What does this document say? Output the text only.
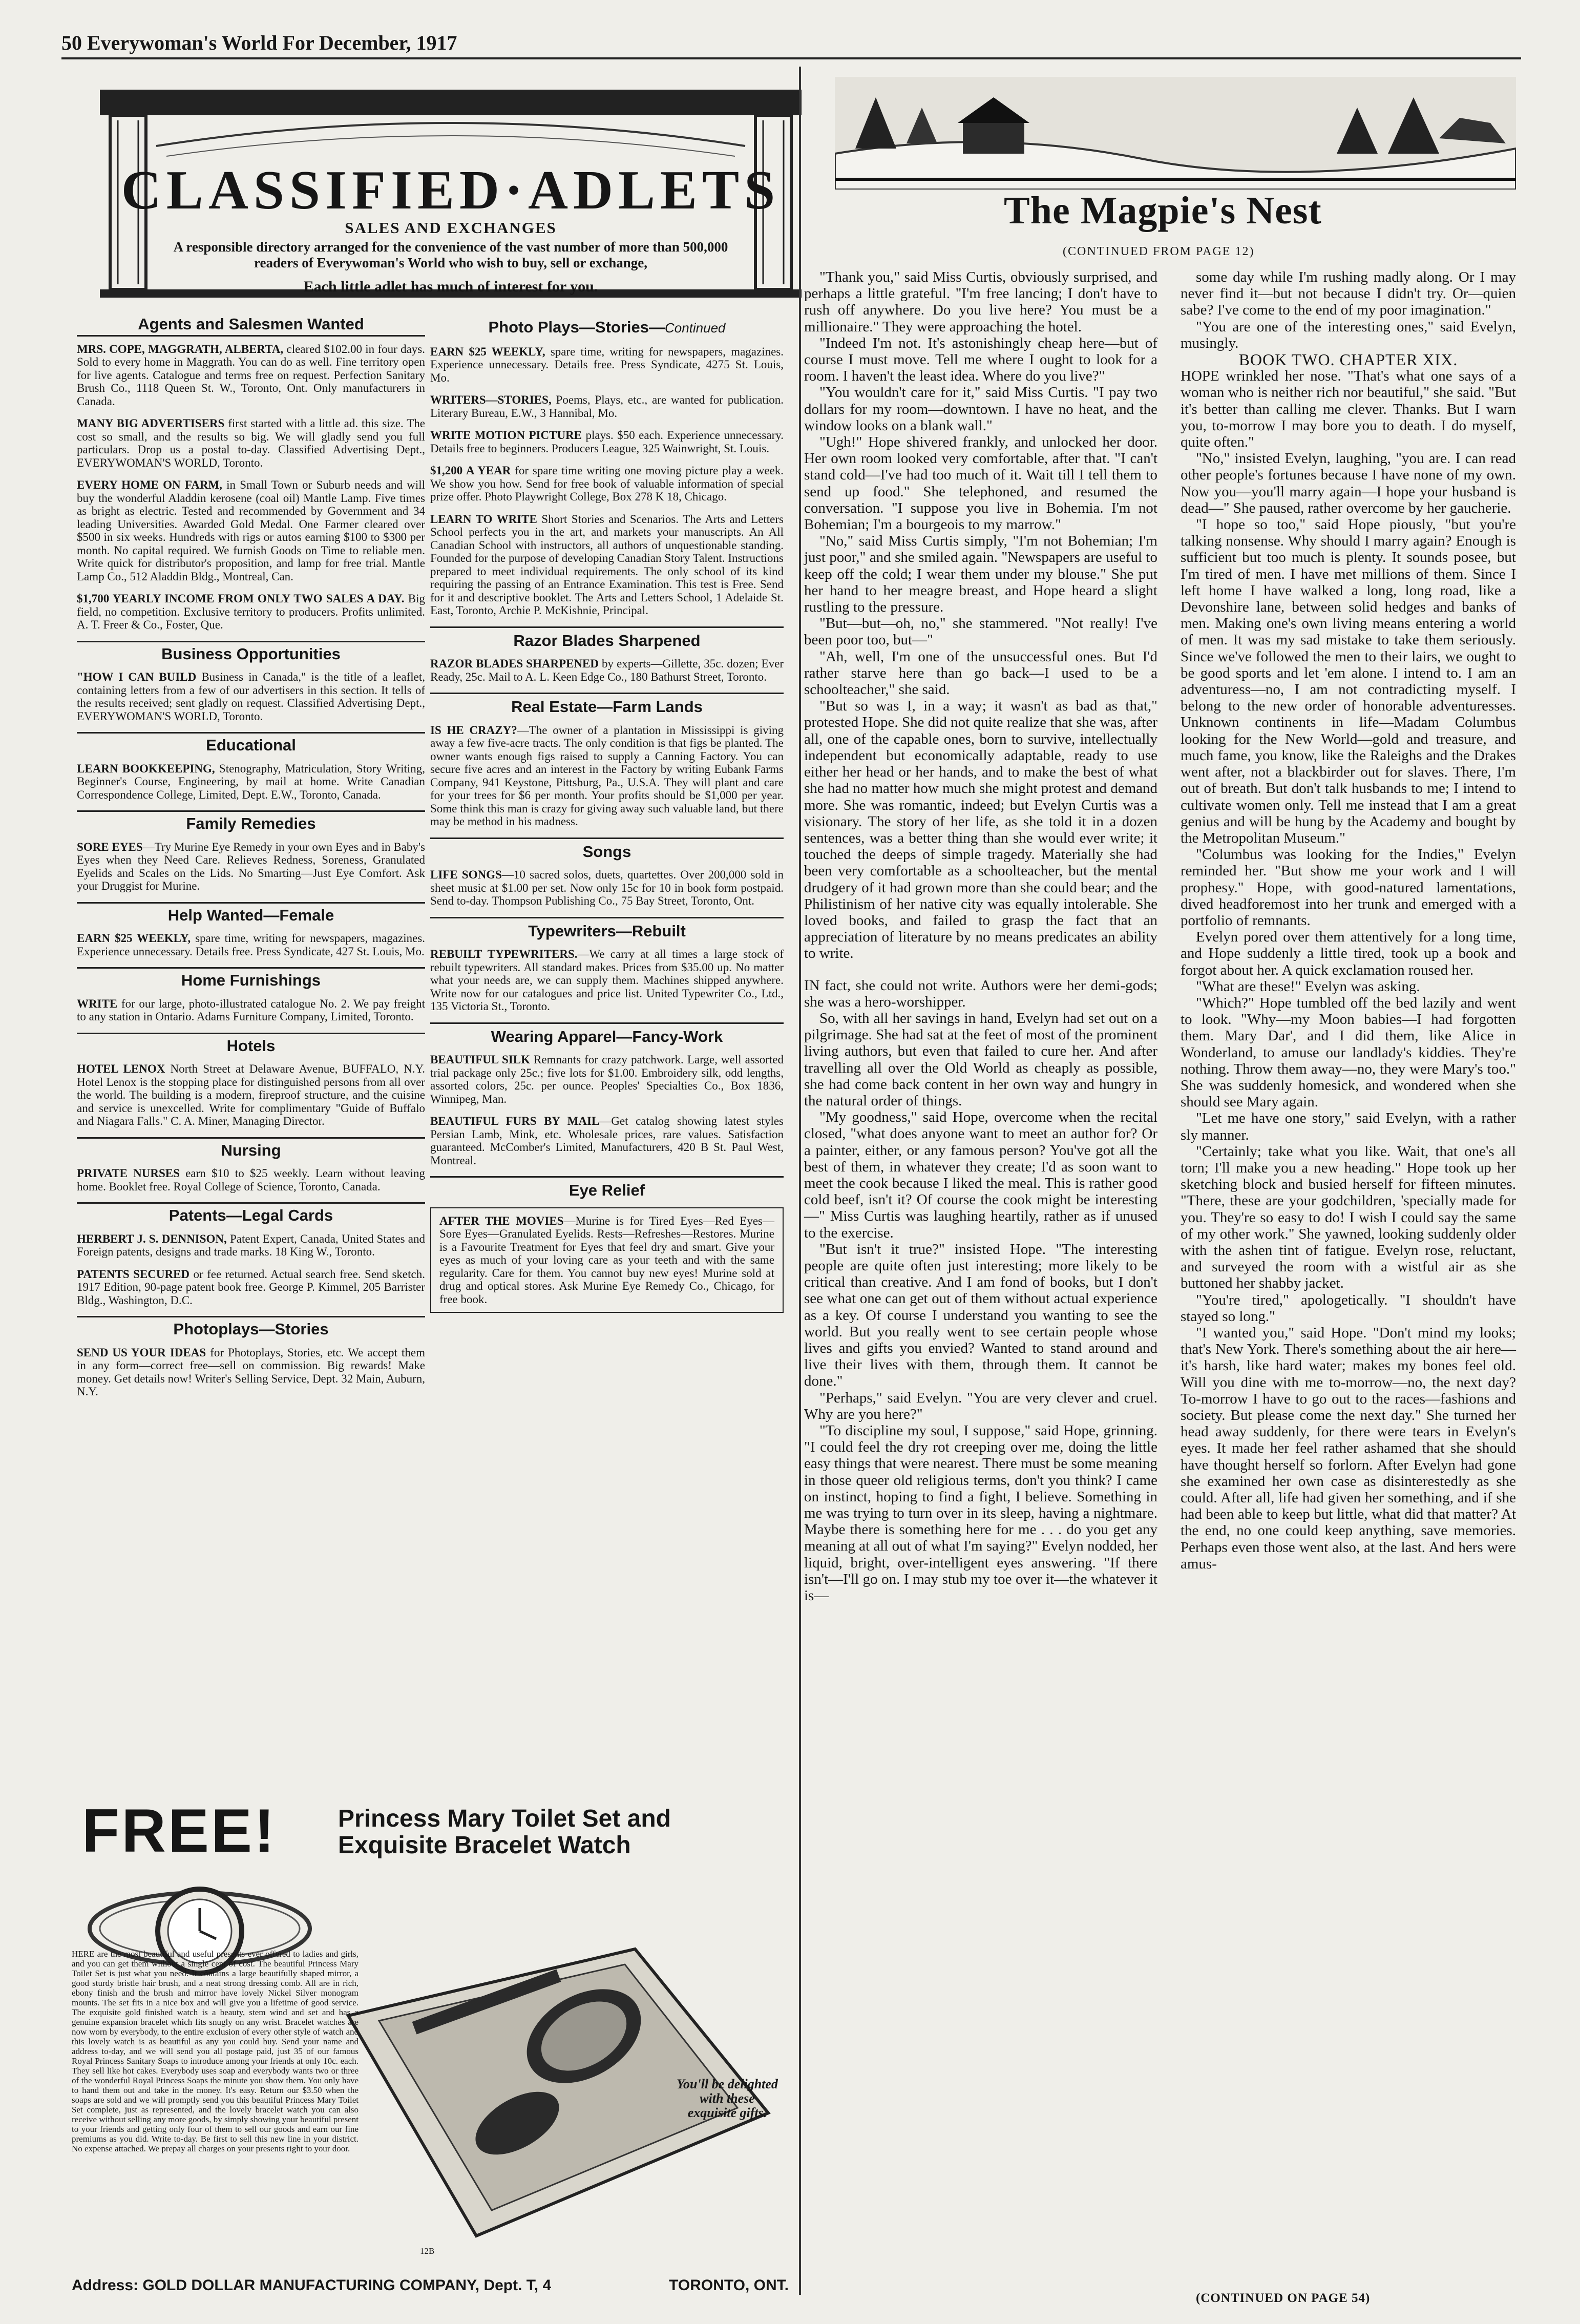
50 Everywoman's World For December, 1917
CLASSIFIED·ADLETS
SALES AND EXCHANGES
A responsible directory arranged for the convenience of the vast number of more than 500,000 readers of Everywoman's World who wish to buy, sell or exchange,
Each little adlet has much of interest for you.
Agents and Salesmen Wanted

MRS. COPE, MAGGRATH, ALBERTA, cleared $102.00 in four days. Sold to every home in Maggrath. You can do as well. Fine territory open for live agents. Catalogue and terms free on request. Perfection Sanitary Brush Co., 1118 Queen St. W., Toronto, Ont. Only manufacturers in Canada.

MANY BIG ADVERTISERS first started with a little ad. this size. The cost so small, and the results so big. We will gladly send you full particulars. Drop us a postal to-day. Classified Advertising Dept., EVERYWOMAN'S WORLD, Toronto.

EVERY HOME ON FARM, in Small Town or Suburb needs and will buy the wonderful Aladdin kerosene (coal oil) Mantle Lamp. Five times as bright as electric. Tested and recommended by Government and 34 leading Universities. Awarded Gold Medal. One Farmer cleared over $500 in six weeks. Hundreds with rigs or autos earning $100 to $300 per month. No capital required. We furnish Goods on Time to reliable men. Write quick for distributor's proposition, and lamp for free trial. Mantle Lamp Co., 512 Aladdin Bldg., Montreal, Can.

$1,700 YEARLY INCOME FROM ONLY TWO SALES A DAY. Big field, no competition. Exclusive territory to producers. Profits unlimited. A. T. Freer & Co., Foster, Que.

Business Opportunities

"HOW I CAN BUILD Business in Canada," is the title of a leaflet, containing letters from a few of our advertisers in this section. It tells of the results received; sent gladly on request. Classified Advertising Dept., EVERYWOMAN'S WORLD, Toronto.

Educational

LEARN BOOKKEEPING, Stenography, Matriculation, Story Writing, Beginner's Course, Engineering, by mail at home. Write Canadian Correspondence College, Limited, Dept. E.W., Toronto, Canada.

Family Remedies

SORE EYES—Try Murine Eye Remedy in your own Eyes and in Baby's Eyes when they Need Care. Relieves Redness, Soreness, Granulated Eyelids and Scales on the Lids. No Smarting—Just Eye Comfort. Ask your Druggist for Murine.

Help Wanted—Female

EARN $25 WEEKLY, spare time, writing for newspapers, magazines. Experience unnecessary. Details free. Press Syndicate, 427 St. Louis, Mo.

Home Furnishings

WRITE for our large, photo-illustrated catalogue No. 2. We pay freight to any station in Ontario. Adams Furniture Company, Limited, Toronto.

Hotels

HOTEL LENOX North Street at Delaware Avenue, BUFFALO, N.Y. Hotel Lenox is the stopping place for distinguished persons from all over the world. The building is a modern, fireproof structure, and the cuisine and service is unexcelled. Write for complimentary "Guide of Buffalo and Niagara Falls." C. A. Miner, Managing Director.

Nursing

PRIVATE NURSES earn $10 to $25 weekly. Learn without leaving home. Booklet free. Royal College of Science, Toronto, Canada.

Patents—Legal Cards

HERBERT J. S. DENNISON, Patent Expert, Canada, United States and Foreign patents, designs and trade marks. 18 King W., Toronto.

PATENTS SECURED or fee returned. Actual search free. Send sketch. 1917 Edition, 90-page patent book free. George P. Kimmel, 205 Barrister Bldg., Washington, D.C.

Photoplays—Stories

SEND US YOUR IDEAS for Photoplays, Stories, etc. We accept them in any form—correct free—sell on commission. Big rewards! Make money. Get details now! Writer's Selling Service, Dept. 32 Main, Auburn, N.Y.

Photo Plays—Stories—Continued

EARN $25 WEEKLY, spare time, writing for newspapers, magazines. Experience unnecessary. Details free. Press Syndicate, 4275 St. Louis, Mo.

WRITERS—STORIES, Poems, Plays, etc., are wanted for publication. Literary Bureau, E.W., 3 Hannibal, Mo.

WRITE MOTION PICTURE plays. $50 each. Experience unnecessary. Details free to beginners. Producers League, 325 Wainwright, St. Louis.

$1,200 A YEAR for spare time writing one moving picture play a week. We show you how. Send for free book of valuable information of special prize offer. Photo Playwright College, Box 278 K 18, Chicago.

LEARN TO WRITE Short Stories and Scenarios. The Arts and Letters School perfects you in the art, and markets your manuscripts. An All Canadian School with instructors, all authors of unquestionable standing. Founded for the purpose of developing Canadian Story Talent. Instructions prepared to meet individual requirements. The only school of its kind requiring the passing of an Entrance Examination. This test is Free. Send for it and descriptive booklet. The Arts and Letters School, 1 Adelaide St. East, Toronto, Archie P. McKishnie, Principal.

Razor Blades Sharpened

RAZOR BLADES SHARPENED by experts—Gillette, 35c. dozen; Ever Ready, 25c. Mail to A. L. Keen Edge Co., 180 Bathurst Street, Toronto.

Real Estate—Farm Lands

IS HE CRAZY?—The owner of a plantation in Mississippi is giving away a few five-acre tracts. The only condition is that figs be planted. The owner wants enough figs raised to supply a Canning Factory. You can secure five acres and an interest in the Factory by writing Eubank Farms Company, 941 Keystone, Pittsburg, Pa., U.S.A. They will plant and care for your trees for $6 per month. Your profits should be $1,000 per year. Some think this man is crazy for giving away such valuable land, but there may be method in his madness.

Songs

LIFE SONGS—10 sacred solos, duets, quartettes. Over 200,000 sold in sheet music at $1.00 per set. Now only 15c for 10 in book form postpaid. Send to-day. Thompson Publishing Co., 75 Bay Street, Toronto, Ont.

Typewriters—Rebuilt

REBUILT TYPEWRITERS.—We carry at all times a large stock of rebuilt typewriters. All standard makes. Prices from $35.00 up. No matter what your needs are, we can supply them. Machines shipped anywhere. Write now for our catalogues and price list. United Typewriter Co., Ltd., 135 Victoria St., Toronto.

Wearing Apparel—Fancy-Work

BEAUTIFUL SILK Remnants for crazy patchwork. Large, well assorted trial package only 25c.; five lots for $1.00. Embroidery silk, odd lengths, assorted colors, 25c. per ounce. Peoples' Specialties Co., Box 1836, Winnipeg, Man.

BEAUTIFUL FURS BY MAIL—Get catalog showing latest styles Persian Lamb, Mink, etc. Wholesale prices, rare values. Satisfaction guaranteed. McComber's Limited, Manufacturers, 420 B St. Paul West, Montreal.

Eye Relief
AFTER THE MOVIES—Murine is for Tired Eyes—Red Eyes—Sore Eyes—Granulated Eyelids. Rests—Refreshes—Restores. Murine is a Favourite Treatment for Eyes that feel dry and smart. Give your eyes as much of your loving care as your teeth and with the same regularity. Care for them. You cannot buy new eyes! Murine sold at drug and optical stores. Ask Murine Eye Remedy Co., Chicago, for free book.
FREE!	Princess Mary Toilet Set and Exquisite Bracelet Watch
HERE are the most beautiful and useful presents ever offered to ladies and girls, and you can get them without a single cent of cost. The beautiful Princess Mary Toilet Set is just what you need. It contains a large beautifully shaped mirror, a good sturdy bristle hair brush, and a neat strong dressing comb. All are in rich, ebony finish and the brush and mirror have lovely Nickel Silver monogram mounts. The set fits in a nice box and will give you a lifetime of good service. The exquisite gold finished watch is a beauty, stem wind and set and has a genuine expansion bracelet which fits snugly on any wrist. Bracelet watches are now worn by everybody, to the entire exclusion of every other style of watch and this lovely watch is as beautiful as any you could buy. Send your name and address to-day, and we will send you all postage paid, just 35 of our famous Royal Princess Sanitary Soaps to introduce among your friends at only 10c. each. They sell like hot cakes. Everybody uses soap and everybody wants two or three of the wonderful Royal Princess Soaps the minute you show them. You only have to hand them out and take in the money. It's easy. Return our $3.50 when the soaps are sold and we will promptly send you this beautiful Princess Mary Toilet Set complete, just as represented, and the lovely bracelet watch you can also receive without selling any more goods, by simply showing your beautiful present to your friends and getting only four of them to sell our goods and earn our fine premiums as you did. Write to-day. Be first to sell this new line in your district. No expense attached. We prepay all charges on your presents right to your door.
You'll be delighted with these exquisite gifts.
12B
Address: GOLD DOLLAR MANUFACTURING COMPANY, Dept. T, 4	TORONTO, ONT.
The Magpie's Nest
(CONTINUED FROM PAGE 12)

"Thank you," said Miss Curtis, obviously surprised, and perhaps a little grateful. "I'm free lancing; I don't have to rush off anywhere. Do you live here? You must be a millionaire." They were approaching the hotel.

"Indeed I'm not. It's astonishingly cheap here—but of course I must move. Tell me where I ought to look for a room. I haven't the least idea. Where do you live?"

"You wouldn't care for it," said Miss Curtis. "I pay two dollars for my room—downtown. I have no heat, and the window looks on a blank wall."

"Ugh!" Hope shivered frankly, and unlocked her door. Her own room looked very comfortable, after that. "I can't stand cold—I've had too much of it. Wait till I tell them to send up food." She telephoned, and resumed the conversation. "I suppose you live in Bohemia. I'm not Bohemian; I'm a bourgeois to my marrow."

"No," said Miss Curtis simply, "I'm not Bohemian; I'm just poor," and she smiled again. "Newspapers are useful to keep off the cold; I wear them under my blouse." She put her hand to her meagre breast, and Hope heard a slight rustling to the pressure.

"But—but—oh, no," she stammered. "Not really! I've been poor too, but—"

"Ah, well, I'm one of the unsuccessful ones. But I'd rather starve here than go back—I used to be a schoolteacher," she said.

"But so was I, in a way; it wasn't as bad as that," protested Hope. She did not quite realize that she was, after all, one of the capable ones, born to survive, intellectually independent but economically adaptable, ready to use either her head or her hands, and to make the best of what she had no matter how much she might protest and demand more. She was romantic, indeed; but Evelyn Curtis was a visionary. The story of her life, as she told it in a dozen sentences, was a better thing than she would ever write; it touched the deeps of simple tragedy. Materially she had been very comfortable as a schoolteacher, but the mental drudgery of it had grown more than she could bear; and the Philistinism of her native city was equally intolerable. She loved books, and failed to grasp the fact that an appreciation of literature by no means predicates an ability to write.

IN fact, she could not write. Authors were her demi-gods; she was a hero-worshipper.

So, with all her savings in hand, Evelyn had set out on a pilgrimage. She had sat at the feet of most of the prominent living authors, but even that failed to cure her. And after travelling all over the Old World as cheaply as possible, she had come back content in her own way and hungry in the natural order of things.

"My goodness," said Hope, overcome when the recital closed, "what does anyone want to meet an author for? Or a painter, either, or any famous person? You've got all the best of them, in whatever they create; I'd as soon want to meet the cook because I liked the meal. This is rather good cold beef, isn't it? Of course the cook might be interesting—" Miss Curtis was laughing heartily, rather as if unused to the exercise.

"But isn't it true?" insisted Hope. "The interesting people are quite often just interesting; more likely to be critical than creative. And I am fond of books, but I don't see what one can get out of them without actual experience as a key. Of course I understand you wanting to see the world. But you really went to see certain people whose lives and gifts you envied? Wanted to stand around and live their lives with them, through them. It cannot be done."

"Perhaps," said Evelyn. "You are very clever and cruel. Why are you here?"

"To discipline my soul, I suppose," said Hope, grinning. "I could feel the dry rot creeping over me, doing the little easy things that were nearest. There must be some meaning in those queer old religious terms, don't you think? I came on instinct, hoping to find a fight, I believe. Something in me was trying to turn over in its sleep, having a nightmare. Maybe there is something here for me . . . do you get any meaning at all out of what I'm saying?" Evelyn nodded, her liquid, bright, over-intelligent eyes answering. "If there isn't—I'll go on. I may stub my toe over it—the whatever it is—

some day while I'm rushing madly along. Or I may never find it—but not because I didn't try. Or—quien sabe? I've come to the end of my poor imagination."

"You are one of the interesting ones," said Evelyn, musingly.

BOOK TWO. CHAPTER XIX.

HOPE wrinkled her nose. "That's what one says of a woman who is neither rich nor beautiful," she said. "But it's better than calling me clever. Thanks. But I warn you, to-morrow I may bore you to death. I do myself, quite often."

"No," insisted Evelyn, laughing, "you are. I can read other people's fortunes because I have none of my own. Now you—you'll marry again—I hope your husband is dead—" She paused, rather overcome by her gaucherie.

"I hope so too," said Hope piously, "but you're talking nonsense. Why should I marry again? Enough is sufficient but too much is plenty. It sounds posee, but I'm tired of men. I have met millions of them. Since I left home I have walked a long, long road, like a Devonshire lane, between solid hedges and banks of men. Making one's own living means entering a world of men. It was my sad mistake to take them seriously. Since we've followed the men to their lairs, we ought to be good sports and let 'em alone. I intend to. I am an adventuress—no, I am not contradicting myself. I belong to the new order of honorable adventuresses. Unknown continents in life—Madam Columbus looking for the New World—gold and treasure, and much fame, you know, like the Raleighs and the Drakes went after, not a blackbirder out for slaves. There, I'm out of breath. But don't talk husbands to me; I intend to cultivate women only. Tell me instead that I am a great genius and will be hung by the Academy and bought by the Metropolitan Museum."

"Columbus was looking for the Indies," Evelyn reminded her. "But show me your work and I will prophesy." Hope, with good-natured lamentations, dived headforemost into her trunk and emerged with a portfolio of remnants.

Evelyn pored over them attentively for a long time, and Hope suddenly a little tired, took up a book and forgot about her. A quick exclamation roused her.

"What are these!" Evelyn was asking.

"Which?" Hope tumbled off the bed lazily and went to look. "Why—my Moon babies—I had forgotten them. Mary Dar', and I did them, like Alice in Wonderland, to amuse our landlady's kiddies. They're nothing. Throw them away—no, they were Mary's too." She was suddenly homesick, and wondered when she should see Mary again.

"Let me have one story," said Evelyn, with a rather sly manner.

"Certainly; take what you like. Wait, that one's all torn; I'll make you a new heading." Hope took up her sketching block and busied herself for fifteen minutes. "There, these are your godchildren, 'specially made for you. They're so easy to do! I wish I could say the same of my other work." She yawned, looking suddenly older with the ashen tint of fatigue. Evelyn rose, reluctant, and surveyed the room with a wistful air as she buttoned her shabby jacket.

"You're tired," apologetically. "I shouldn't have stayed so long."

"I wanted you," said Hope. "Don't mind my looks; that's New York. There's something about the air here—it's harsh, like hard water; makes my bones feel old. Will you dine with me to-morrow—no, the next day? To-morrow I have to go out to the races—fashions and society. But please come the next day." She turned her head away suddenly, for there were tears in Evelyn's eyes. It made her feel rather ashamed that she should have thought herself so forlorn. After Evelyn had gone she examined her own case as disinterestedly as she could. After all, life had given her something, and if she had been able to keep but little, what did that matter? At the end, no one could keep anything, save memories. Perhaps even those went also, at the last. And hers were amus-

(CONTINUED ON PAGE 54)
